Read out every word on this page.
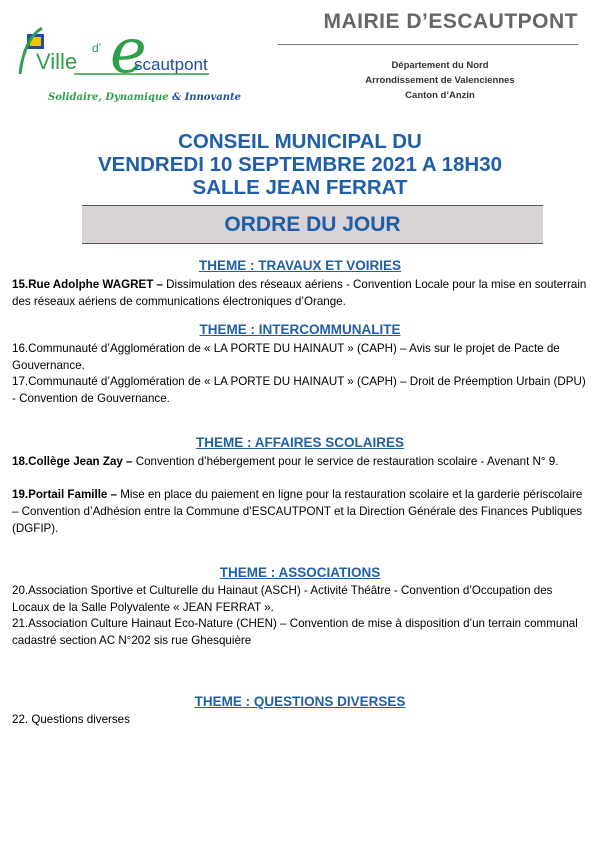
e
Ville
d’
scautpont
Solidaire, Dynamique & Innovante
MAIRIE D’ESCAUTPONT
Département du Nord
Arrondissement de Valenciennes
Canton d’Anzin
CONSEIL MUNICIPAL DU
VENDREDI 10 SEPTEMBRE 2021 A 18H30
SALLE JEAN FERRAT
ORDRE DU JOUR
THEME : TRAVAUX ET VOIRIES
15.Rue Adolphe WAGRET – Dissimulation des réseaux aériens - Convention Locale pour la mise en souterrain des réseaux aériens de communications électroniques d’Orange.
THEME : INTERCOMMUNALITE
16.Communauté d’Agglomération de « LA PORTE DU HAINAUT » (CAPH) – Avis sur le projet de Pacte de Gouvernance.
17.Communauté d’Agglomération de « LA PORTE DU HAINAUT » (CAPH) – Droit de Préemption Urbain (DPU) - Convention de Gouvernance.
THEME : AFFAIRES SCOLAIRES
18.Collège Jean Zay – Convention d’hébergement pour le service de restauration scolaire - Avenant N° 9.
19.Portail Famille – Mise en place du paiement en ligne pour la restauration scolaire et la garderie périscolaire – Convention d’Adhésion entre la Commune d’ESCAUTPONT et la Direction Générale des Finances Publiques (DGFIP).
THEME : ASSOCIATIONS
20.Association Sportive et Culturelle du Hainaut (ASCH) - Activité Théâtre - Convention d’Occupation des Locaux de la Salle Polyvalente « JEAN FERRAT ».
21.Association Culture Hainaut Eco-Nature (CHEN) – Convention de mise à disposition d’un terrain communal cadastré section AC N°202 sis rue Ghesquière
THEME : QUESTIONS DIVERSES
22. Questions diverses
